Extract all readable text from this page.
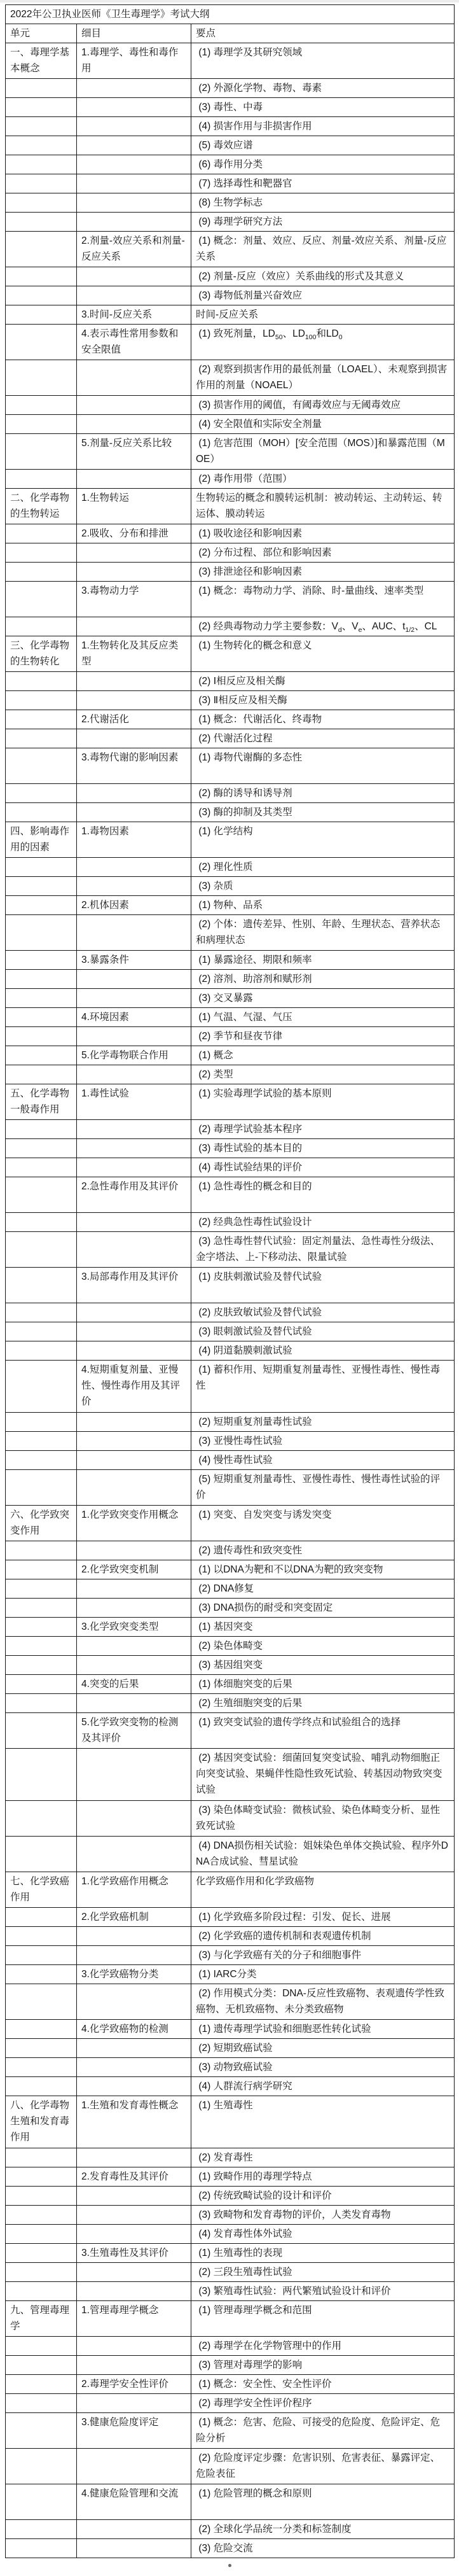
2022年公卫执业医师《卫生毒理学》考试大纲		
单元	细目	要点
一、毒理学基本概念	1.毒理学、毒性和毒作用	(1) 毒理学及其研究领域
		(2) 外源化学物、毒物、毒素
		(3) 毒性、中毒
		(4) 损害作用与非损害作用
		(5) 毒效应谱
		(6) 毒作用分类
		(7) 选择毒性和靶器官
		(8) 生物学标志
		(9) 毒理学研究方法
	2.剂量-效应关系和剂量-反应关系	(1) 概念：剂量、效应、反应、剂量-效应关系、剂量-反应关系
		(2) 剂量-反应（效应）关系曲线的形式及其意义
		(3) 毒物低剂量兴奋效应
	3.时间-反应关系	时间-反应关系
	4.表示毒性常用参数和安全限值	(1) 致死剂量，$LD_{50}$、$LD_{100}$和$LD_0$
		(2) 观察到损害作用的最低剂量（LOAEL）、未观察到损害作用的剂量（NOAEL）
		(3) 损害作用的阈值，有阈毒效应与无阈毒效应
		(4) 安全限值和实际安全剂量
	5.剂量-反应关系比较	(1) 危害范围（MOH）[安全范围（MOS）]和暴露范围（MOE）
		(2) 毒作用带（范围）
二、化学毒物的生物转运	1.生物转运	生物转运的概念和膜转运机制：被动转运、主动转运、转运体、膜动转运
	2.吸收、分布和排泄	(1) 吸收途径和影响因素
		(2) 分布过程、部位和影响因素
		(3) 排泄途径和影响因素
	3.毒物动力学	(1) 概念：毒物动力学、消除、时-量曲线、速率类型
		(2) 经典毒物动力学主要参数：$V_d$、$V_e$、AUC、$t_{1/2}$、CL
三、化学毒物的生物转化	1.生物转化及其反应类型	(1) 生物转化的概念和意义
		(2) Ⅰ相反应及相关酶
		(3) Ⅱ相反应及相关酶
	2.代谢活化	(1) 概念：代谢活化、终毒物
		(2) 代谢活化过程
	3.毒物代谢的影响因素	(1) 毒物代谢酶的多态性
		(2) 酶的诱导和诱导剂
		(3) 酶的抑制及其类型
四、影响毒作用的因素	1.毒物因素	(1) 化学结构
		(2) 理化性质
		(3) 杂质
	2.机体因素	(1) 物种、品系
		(2) 个体：遗传差异、性别、年龄、生理状态、营养状态和病理状态
	3.暴露条件	(1) 暴露途径、期限和频率
		(2) 溶剂、助溶剂和赋形剂
		(3) 交叉暴露
	4.环境因素	(1) 气温、气湿、气压
		(2) 季节和昼夜节律
	5.化学毒物联合作用	(1) 概念
		(2) 类型
五、化学毒物一般毒作用	1.毒性试验	(1) 实验毒理学试验的基本原则
		(2) 毒理学试验基本程序
		(3) 毒性试验的基本目的
		(4) 毒性试验结果的评价
	2.急性毒作用及其评价	(1) 急性毒性的概念和目的
		(2) 经典急性毒性试验设计
		(3) 急性毒性替代试验：固定剂量法、急性毒性分级法、金字塔法、上-下移动法、限量试验
	3.局部毒作用及其评价	(1) 皮肤刺激试验及替代试验
		(2) 皮肤致敏试验及替代试验
		(3) 眼刺激试验及替代试验
		(4) 阴道黏膜刺激试验
	4.短期重复剂量、亚慢性、慢性毒作用及其评价	(1) 蓄积作用、短期重复剂量毒性、亚慢性毒性、慢性毒性
		(2) 短期重复剂量毒性试验
		(3) 亚慢性毒性试验
		(4) 慢性毒性试验
		(5) 短期重复剂量毒性、亚慢性毒性、慢性毒性试验的评价
六、化学致突变作用	1.化学致突变作用概念	(1) 突变、自发突变与诱发突变
		(2) 遗传毒性和致突变性
	2.化学致突变机制	(1) 以DNA为靶和不以DNA为靶的致突变物
		(2) DNA修复
		(3) DNA损伤的耐受和突变固定
	3.化学致突变类型	(1) 基因突变
		(2) 染色体畸变
		(3) 基因组突变
	4.突变的后果	(1) 体细胞突变的后果
		(2) 生殖细胞突变的后果
	5.化学致突变物的检测及其评价	(1) 致突变试验的遗传学终点和试验组合的选择
		(2) 基因突变试验：细菌回复突变试验、哺乳动物细胞正向突变试验、果蝇伴性隐性致死试验、转基因动物致突变试验
		(3) 染色体畸变试验：微核试验、染色体畸变分析、显性致死试验
		(4) DNA损伤相关试验：姐妹染色单体交换试验、程序外DNA合成试验、彗星试验
七、化学致癌作用	1.化学致癌作用概念	化学致癌作用和化学致癌物
	2.化学致癌机制	(1) 化学致癌多阶段过程：引发、促长、进展
		(2) 化学致癌的遗传机制和表观遗传机制
		(3) 与化学致癌有关的分子和细胞事件
	3.化学致癌物分类	(1) IARC分类
		(2) 作用模式分类：DNA-反应性致癌物、表观遗传学性致癌物、无机致癌物、未分类致癌物
	4.化学致癌物的检测	(1) 遗传毒理学试验和细胞恶性转化试验
		(2) 短期致癌试验
		(3) 动物致癌试验
		(4) 人群流行病学研究
八、化学毒物生殖和发育毒作用	1.生殖和发育毒性概念	(1) 生殖毒性
		(2) 发育毒性
	2.发育毒性及其评价	(1) 致畸作用的毒理学特点
		(2) 传统致畸试验的设计和评价
		(3) 致畸物和发育毒物的评价，人类发育毒物
		(4) 发育毒性体外试验
	3.生殖毒性及其评价	(1) 生殖毒性的表现
		(2) 三段生殖毒性试验
		(3) 繁殖毒性试验：两代繁殖试验设计和评价
九、管理毒理学	1.管理毒理学概念	(1) 管理毒理学概念和范围
		(2) 毒理学在化学物管理中的作用
		(3) 管理对毒理学的影响
	2.毒理学安全性评价	(1) 概念：安全性、安全性评价
		(2) 毒理学安全性评价程序
	3.健康危险度评定	(1) 概念：危害、危险、可接受的危险度、危险评定、危险分析
		(2) 危险度评定步骤：危害识别、危害表征、暴露评定、危险表征
	4.健康危险管理和交流	(1) 危险管理的概念和原则
		(2) 全球化学品统一分类和标签制度
		(3) 危险交流
